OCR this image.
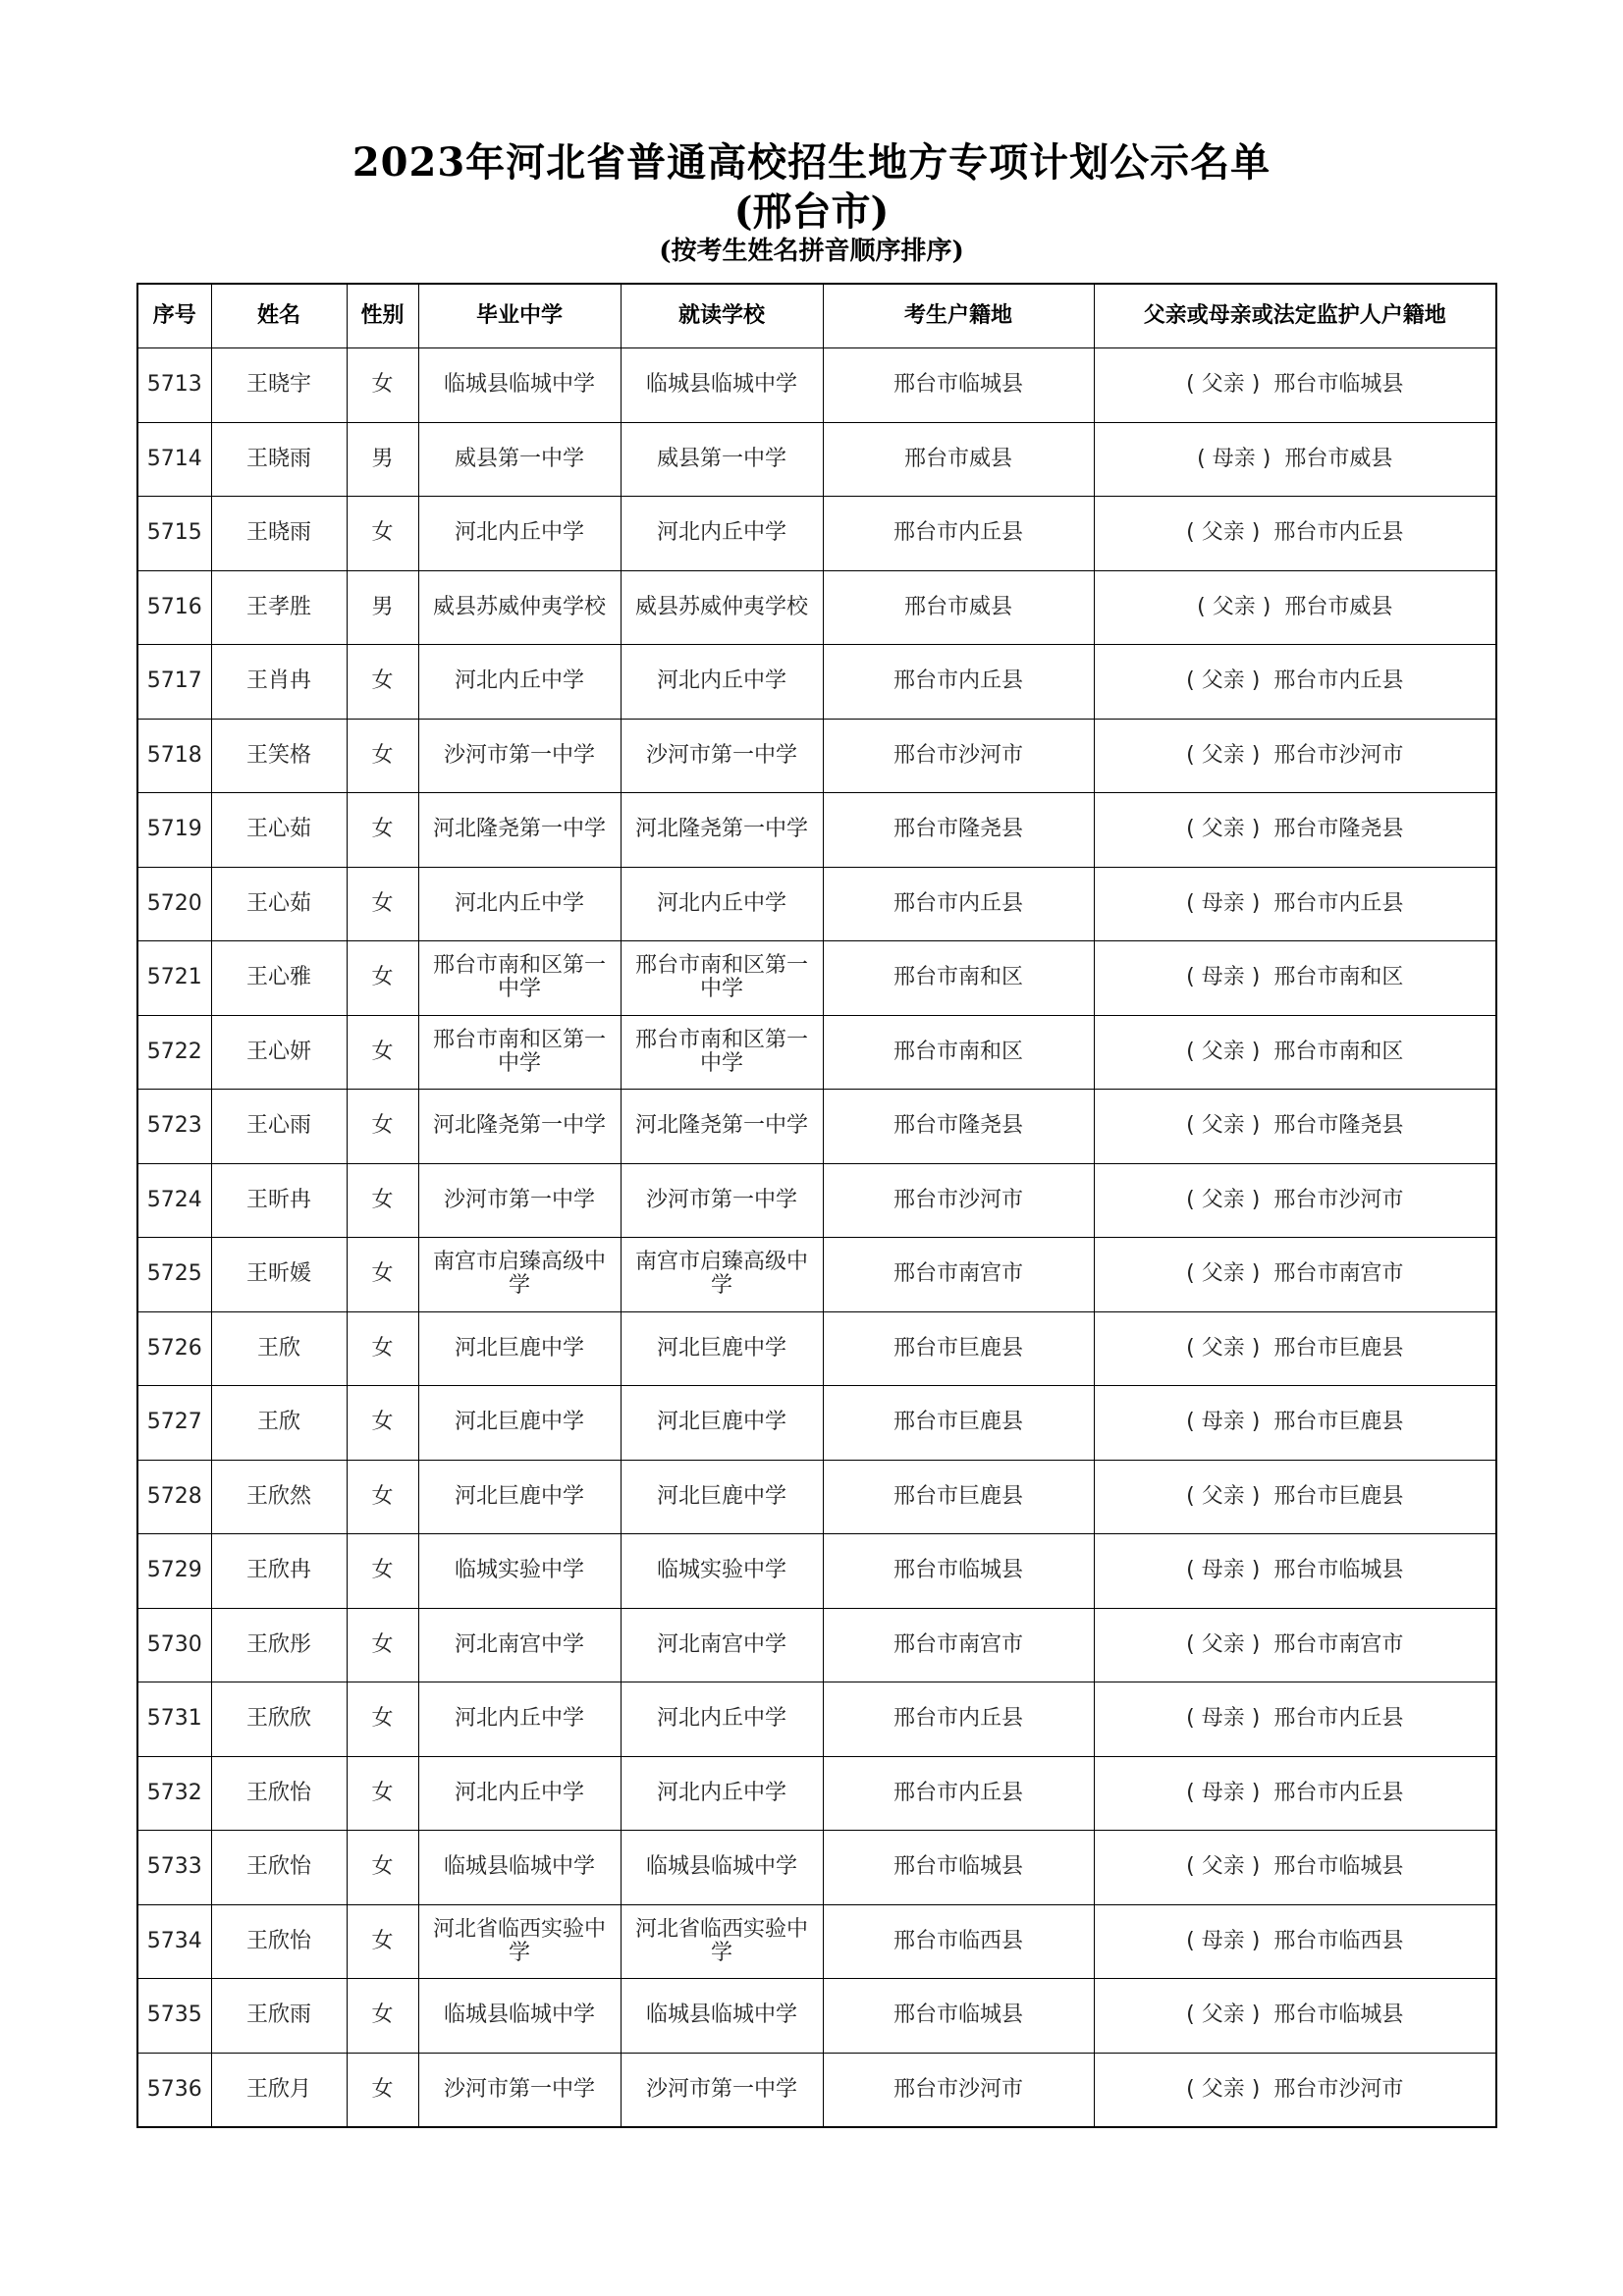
2023年河北省普通高校招生地方专项计划公示名单
(邢台市)
(按考生姓名拼音顺序排序)
序号	姓名	性别	毕业中学	就读学校	考生户籍地	父亲或母亲或法定监护人户籍地
5713	王晓宇	女	临城县临城中学	临城县临城中学	邢台市临城县	( 父亲 ) 邢台市临城县
5714	王晓雨	男	威县第一中学	威县第一中学	邢台市威县	( 母亲 ) 邢台市威县
5715	王晓雨	女	河北内丘中学	河北内丘中学	邢台市内丘县	( 父亲 ) 邢台市内丘县
5716	王孝胜	男	威县苏威仲夷学校	威县苏威仲夷学校	邢台市威县	( 父亲 ) 邢台市威县
5717	王肖冉	女	河北内丘中学	河北内丘中学	邢台市内丘县	( 父亲 ) 邢台市内丘县
5718	王笑格	女	沙河市第一中学	沙河市第一中学	邢台市沙河市	( 父亲 ) 邢台市沙河市
5719	王心茹	女	河北隆尧第一中学	河北隆尧第一中学	邢台市隆尧县	( 父亲 ) 邢台市隆尧县
5720	王心茹	女	河北内丘中学	河北内丘中学	邢台市内丘县	( 母亲 ) 邢台市内丘县
5721	王心雅	女	邢台市南和区第一中学	邢台市南和区第一中学	邢台市南和区	( 母亲 ) 邢台市南和区
5722	王心妍	女	邢台市南和区第一中学	邢台市南和区第一中学	邢台市南和区	( 父亲 ) 邢台市南和区
5723	王心雨	女	河北隆尧第一中学	河北隆尧第一中学	邢台市隆尧县	( 父亲 ) 邢台市隆尧县
5724	王昕冉	女	沙河市第一中学	沙河市第一中学	邢台市沙河市	( 父亲 ) 邢台市沙河市
5725	王昕媛	女	南宫市启臻高级中学	南宫市启臻高级中学	邢台市南宫市	( 父亲 ) 邢台市南宫市
5726	王欣	女	河北巨鹿中学	河北巨鹿中学	邢台市巨鹿县	( 父亲 ) 邢台市巨鹿县
5727	王欣	女	河北巨鹿中学	河北巨鹿中学	邢台市巨鹿县	( 母亲 ) 邢台市巨鹿县
5728	王欣然	女	河北巨鹿中学	河北巨鹿中学	邢台市巨鹿县	( 父亲 ) 邢台市巨鹿县
5729	王欣冉	女	临城实验中学	临城实验中学	邢台市临城县	( 母亲 ) 邢台市临城县
5730	王欣彤	女	河北南宫中学	河北南宫中学	邢台市南宫市	( 父亲 ) 邢台市南宫市
5731	王欣欣	女	河北内丘中学	河北内丘中学	邢台市内丘县	( 母亲 ) 邢台市内丘县
5732	王欣怡	女	河北内丘中学	河北内丘中学	邢台市内丘县	( 母亲 ) 邢台市内丘县
5733	王欣怡	女	临城县临城中学	临城县临城中学	邢台市临城县	( 父亲 ) 邢台市临城县
5734	王欣怡	女	河北省临西实验中学	河北省临西实验中学	邢台市临西县	( 母亲 ) 邢台市临西县
5735	王欣雨	女	临城县临城中学	临城县临城中学	邢台市临城县	( 父亲 ) 邢台市临城县
5736	王欣月	女	沙河市第一中学	沙河市第一中学	邢台市沙河市	( 父亲 ) 邢台市沙河市
